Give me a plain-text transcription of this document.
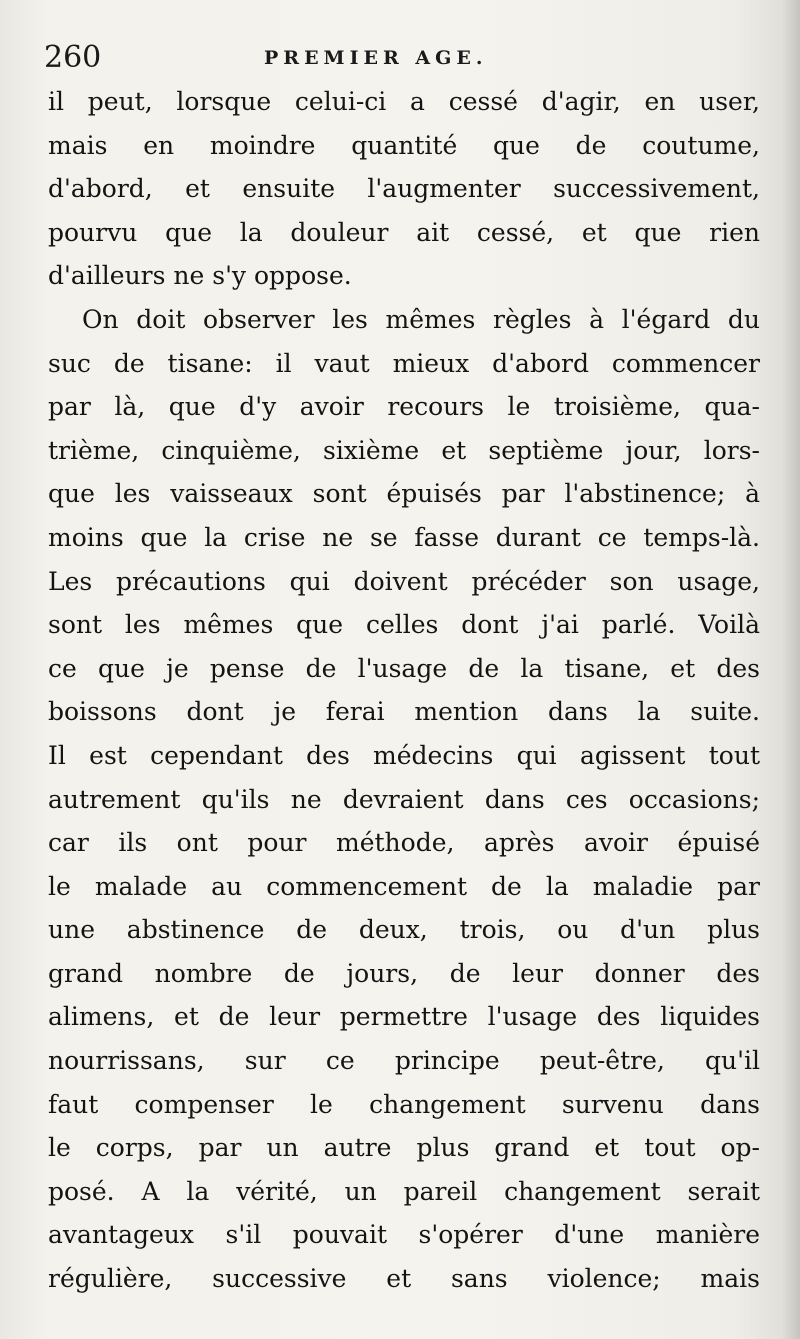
260	PREMIER AGE.
il peut, lorsque celui-ci a cessé d'agir, en user,
mais en moindre quantité que de coutume,
d'abord, et ensuite l'augmenter successivement,
pourvu que la douleur ait cessé, et que rien
d'ailleurs ne s'y oppose.
On doit observer les mêmes règles à l'égard du
suc de tisane: il vaut mieux d'abord commencer
par là, que d'y avoir recours le troisième, qua-
trième, cinquième, sixième et septième jour, lors-
que les vaisseaux sont épuisés par l'abstinence; à
moins que la crise ne se fasse durant ce temps-là.
Les précautions qui doivent précéder son usage,
sont les mêmes que celles dont j'ai parlé. Voilà
ce que je pense de l'usage de la tisane, et des
boissons dont je ferai mention dans la suite.
Il est cependant des médecins qui agissent tout
autrement qu'ils ne devraient dans ces occasions;
car ils ont pour méthode, après avoir épuisé
le malade au commencement de la maladie par
une abstinence de deux, trois, ou d'un plus
grand nombre de jours, de leur donner des
alimens, et de leur permettre l'usage des liquides
nourrissans, sur ce principe peut-être, qu'il
faut compenser le changement survenu dans
le corps, par un autre plus grand et tout op-
posé. A la vérité, un pareil changement serait
avantageux s'il pouvait s'opérer d'une manière
régulière, successive et sans violence; mais
